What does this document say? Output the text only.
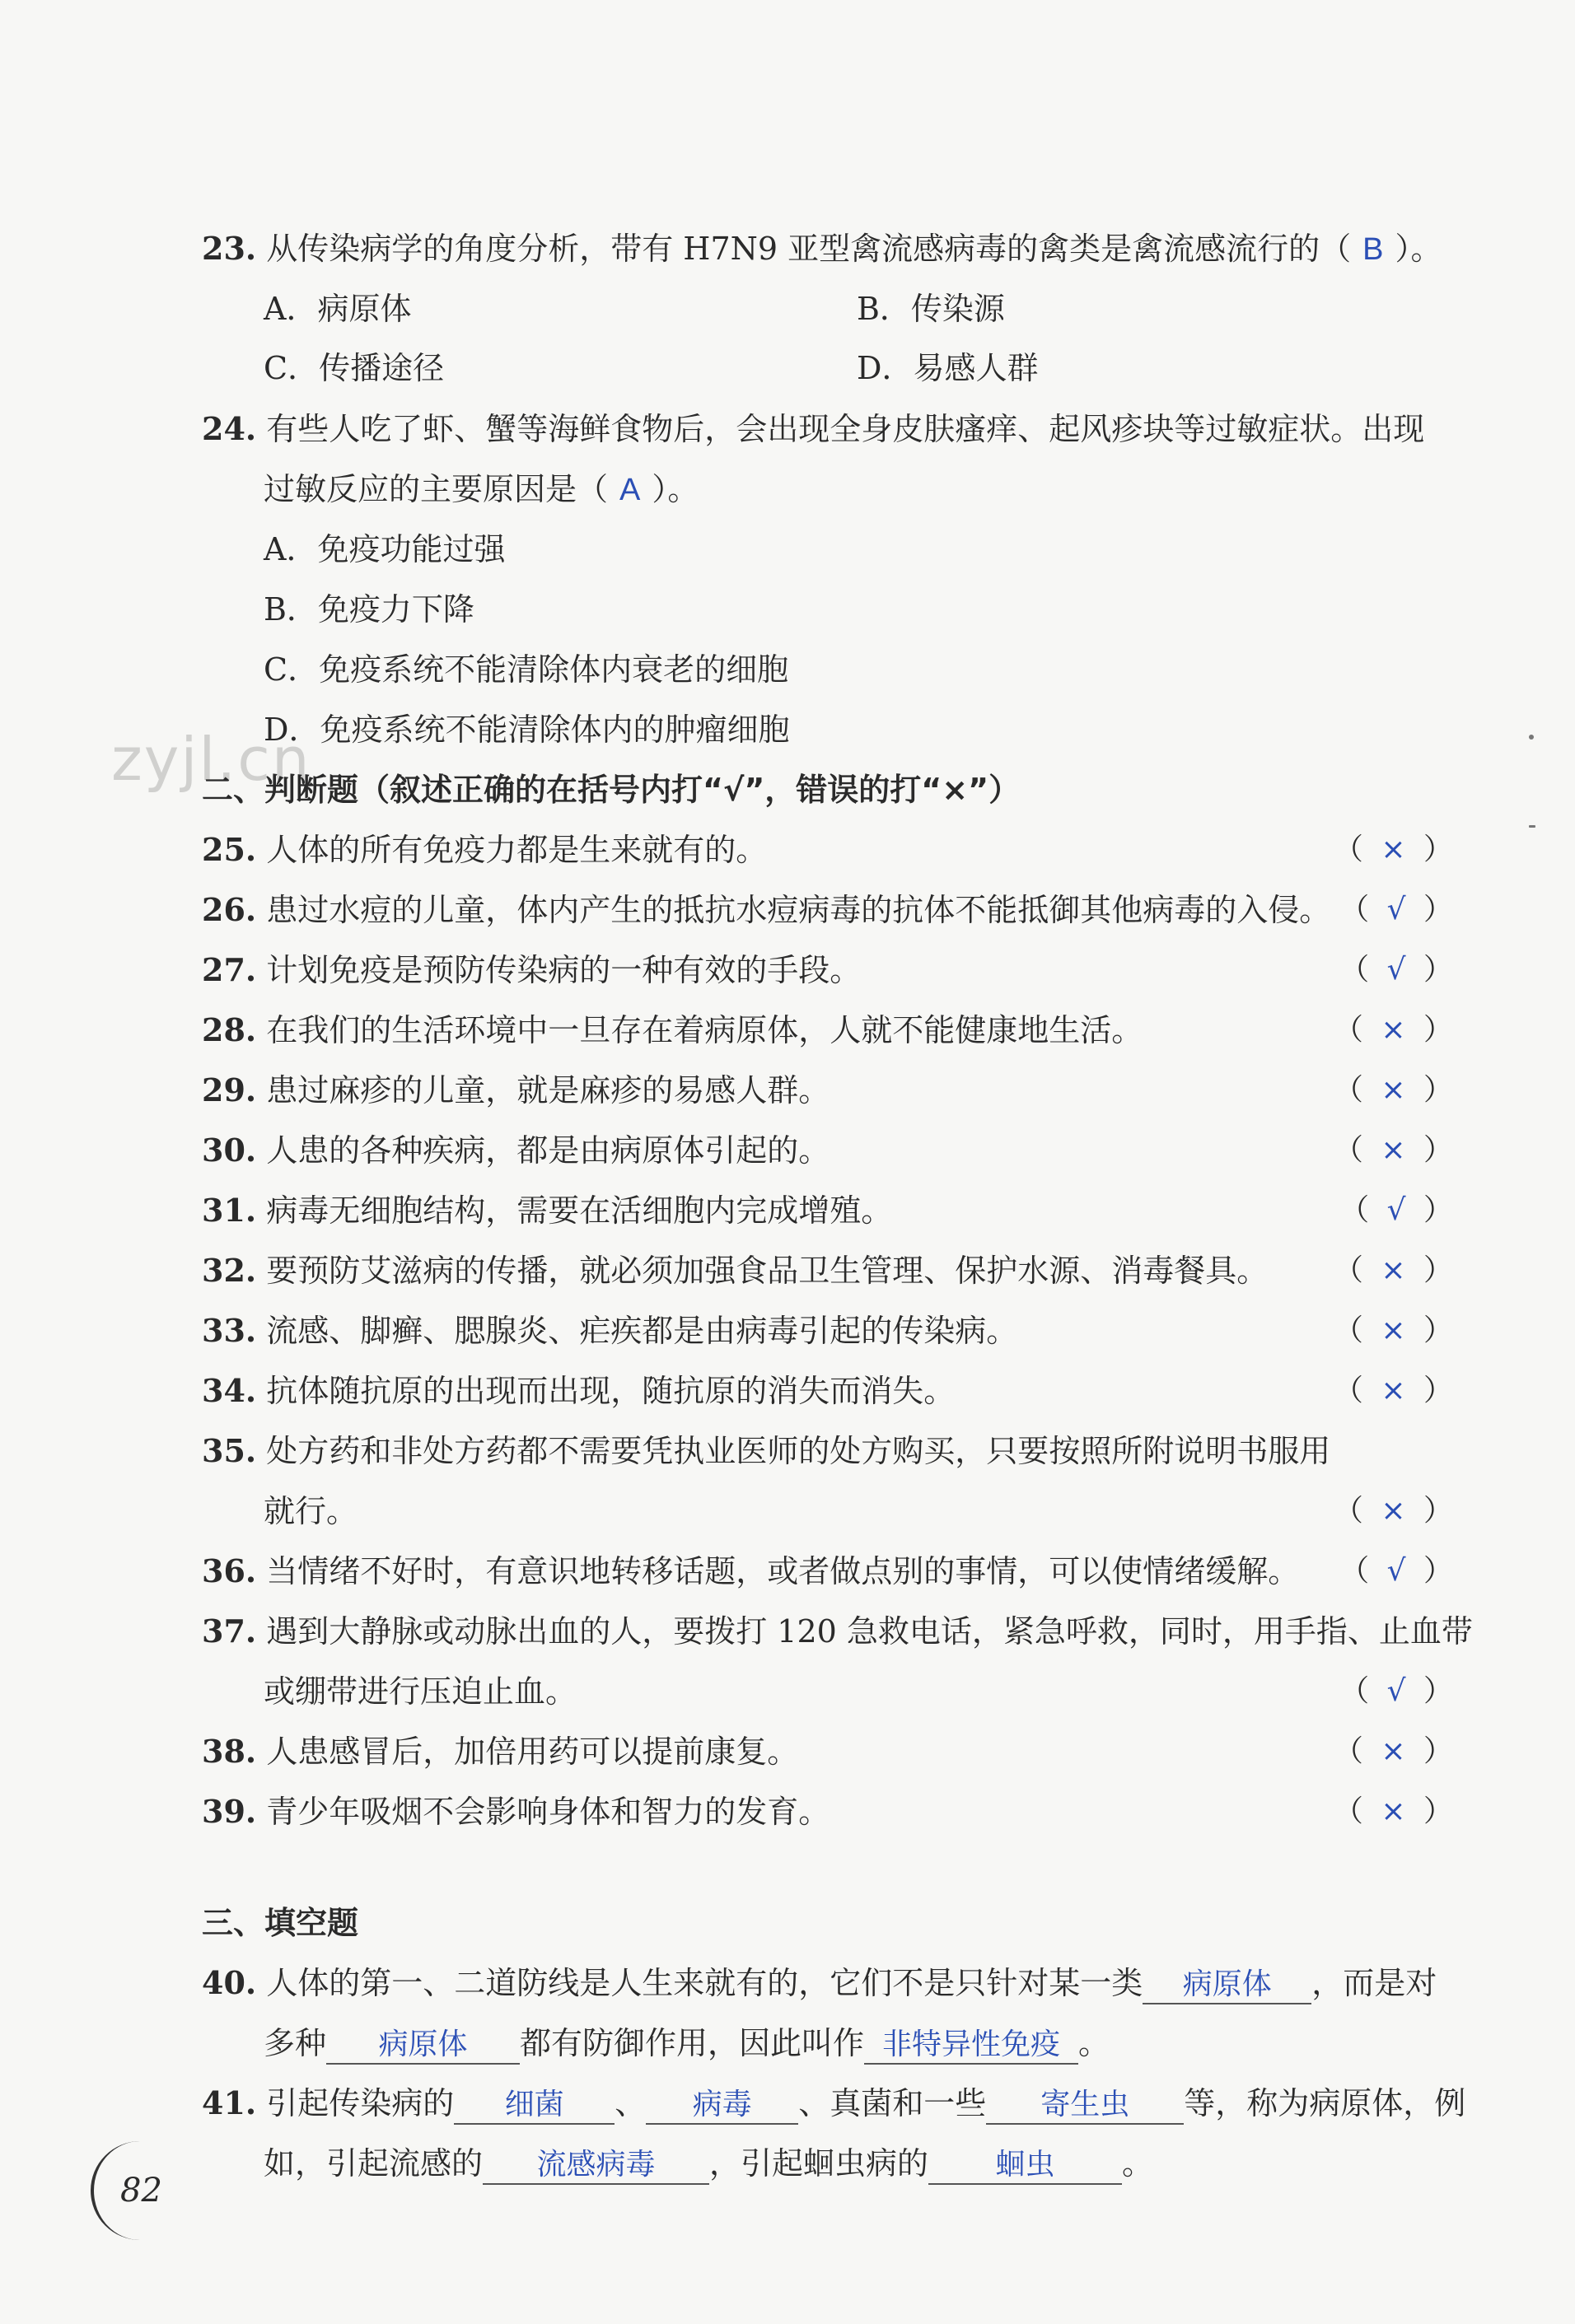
zyjl.cn
23. 从传染病学的角度分析，带有 H7N9 亚型禽流感病毒的禽类是禽流感流行的（ B ）。
A．病原体	B．传染源
C．传播途径	D．易感人群
24. 有些人吃了虾、蟹等海鲜食物后，会出现全身皮肤瘙痒、起风疹块等过敏症状。出现
过敏反应的主要原因是（ A ）。
A．免疫功能过强
B．免疫力下降
C．免疫系统不能清除体内衰老的细胞
D．免疫系统不能清除体内的肿瘤细胞
二、判断题（叙述正确的在括号内打“√”，错误的打“×”）
25. 人体的所有免疫力都是生来就有的。	（ × ）
26. 患过水痘的儿童，体内产生的抵抗水痘病毒的抗体不能抵御其他病毒的入侵。 （ √ ）
27. 计划免疫是预防传染病的一种有效的手段。	（ √ ）
28. 在我们的生活环境中一旦存在着病原体，人就不能健康地生活。	（ × ）
29. 患过麻疹的儿童，就是麻疹的易感人群。	（ × ）
30. 人患的各种疾病，都是由病原体引起的。	（ × ）
31. 病毒无细胞结构，需要在活细胞内完成增殖。	（ √ ）
32. 要预防艾滋病的传播，就必须加强食品卫生管理、保护水源、消毒餐具。 （ × ）
33. 流感、脚癣、腮腺炎、疟疾都是由病毒引起的传染病。	（ × ）
34. 抗体随抗原的出现而出现，随抗原的消失而消失。	（ × ）
35. 处方药和非处方药都不需要凭执业医师的处方购买，只要按照所附说明书服用
就行。	（ × ）
36. 当情绪不好时，有意识地转移话题，或者做点别的事情，可以使情绪缓解。 （ √ ）
37. 遇到大静脉或动脉出血的人，要拨打 120 急救电话，紧急呼救，同时，用手指、止血带
或绷带进行压迫止血。	（ √ ）
38. 人患感冒后，加倍用药可以提前康复。	（ × ）
39. 青少年吸烟不会影响身体和智力的发育。	（ × ）
三、填空题
40. 人体的第一、二道防线是人生来就有的，它们不是只针对某一类 病原体 ，而是对
多种 病原体 都有防御作用，因此叫作 非特异性免疫 。
41. 引起传染病的 细菌 、 病毒 、真菌和一些 寄生虫 等，称为病原体，例
如，引起流感的 流感病毒 ，引起蛔虫病的 蛔虫 。
82
